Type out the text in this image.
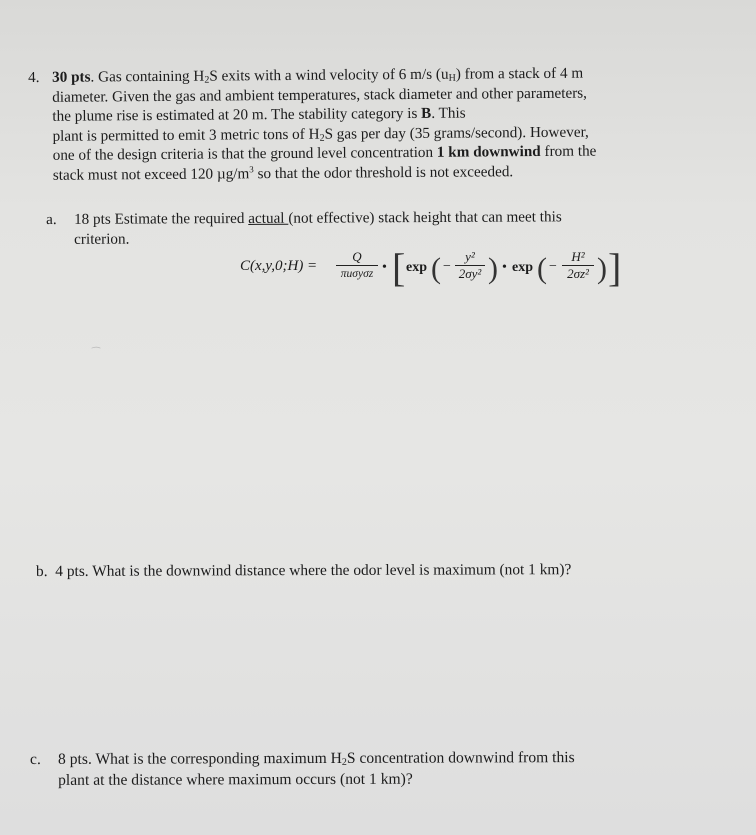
4. 30 pts. Gas containing $H_2S$ exits with a wind velocity of 6 m/s $(u_H)$ from a stack of 4 m
diameter. Given the gas and ambient temperatures, stack diameter and other parameters,
the plume rise is estimated at 20 m. The stability category is B. This
plant is permitted to emit 3 metric tons of $H_2S$ gas per day (35 grams/second). However,
one of the design criteria is that the ground level concentration 1 km downwind from the
stack must not exceed 120 $\mu g/m^3$ so that the odor threshold is not exceeded.
a. 18 pts Estimate the required actual (not effective) stack height that can meet this
criterion.
C(x,y,0;H) =
Q
πuσyσz • [ exp ( −
y²
2σy² ) • exp ( −
H²
2σz² ) ]
⁀
b. 4 pts. What is the downwind distance where the odor level is maximum (not 1 km)?
c. 8 pts. What is the corresponding maximum $H_2S$ concentration downwind from this
plant at the distance where maximum occurs (not 1 km)?
